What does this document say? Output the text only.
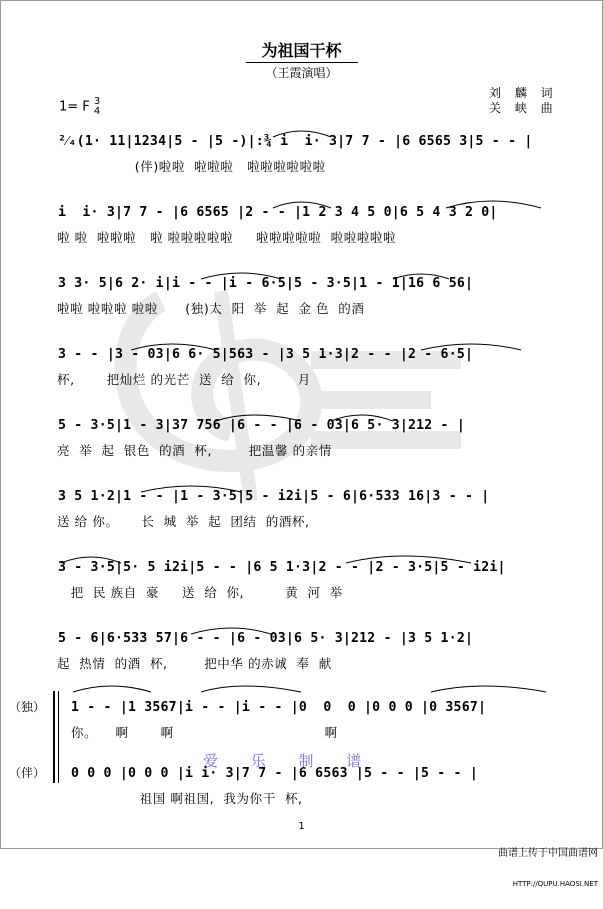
为祖国干杯
（王霞演唱）
1= F 3
4
刘 麟 词
关 峡 曲
²⁄₄(1· 11|1234|5 - |5 -)|:¾ i  i· 3|7 7 - |6 6565 3|5 - - |
(伴)啦啦  啦啦啦   啦啦啦啦啦啦
i  i· 3|7 7 - |6 6565 |2 - - |1 2 3 4 5 0|6 5 4 3 2 0|
啦 啦  啦啦啦   啦 啦啦啦啦啦     啦啦啦啦啦  啦啦啦啦啦
3 3· 5|6 2· i|i - - |i - 6·5|5 - 3·5|1 - 1|16 6 56|
啦啦 啦啦啦 啦啦      (独)太  阳  举  起  金 色  的酒
3 - - |3 - 03|6 6· 5|563 - |3 5 1·3|2 - - |2 - 6·5|
杯,       把灿烂 的光芒  送  给  你,        月
5 - 3·5|1 - 3|37 756 |6 - - |6 - 03|6 5· 3|212 - |
亮  举  起  银色  的酒  杯,        把温馨 的亲情
3 5 1·2|1 - - |1 - 3·5|5 - i2i|5 - 6|6·533 16|3 - - |
送 给 你。     长  城  举  起  团结  的酒杯,
3 - 3·5|5· 5 i2i|5 - - |6 5 1·3|2 - - |2 - 3·5|5 - i2i|
把  民 族自  豪     送  给  你,         黄  河  举
5 - 6|6·533 57|6 - - |6 - 03|6 5· 3|212 - |3 5 1·2|
起  热情  的酒  杯,        把中华 的赤诚  奉  献
（独） 1 - - |1 3567|i - - |i - - |0  0  0 |0 0 0 |0 3567|
你。    啊       啊                                 啊
爱 乐 制 谱
（伴） 0 0 0 |0 0 0 |i i· 3|7 7 - |6 6563 |5 - - |5 - - |
祖国 啊祖国,  我为你干  杯,
1

曲谱上传于中国曲谱网

HTTP://QUPU.HAOSI.NET
